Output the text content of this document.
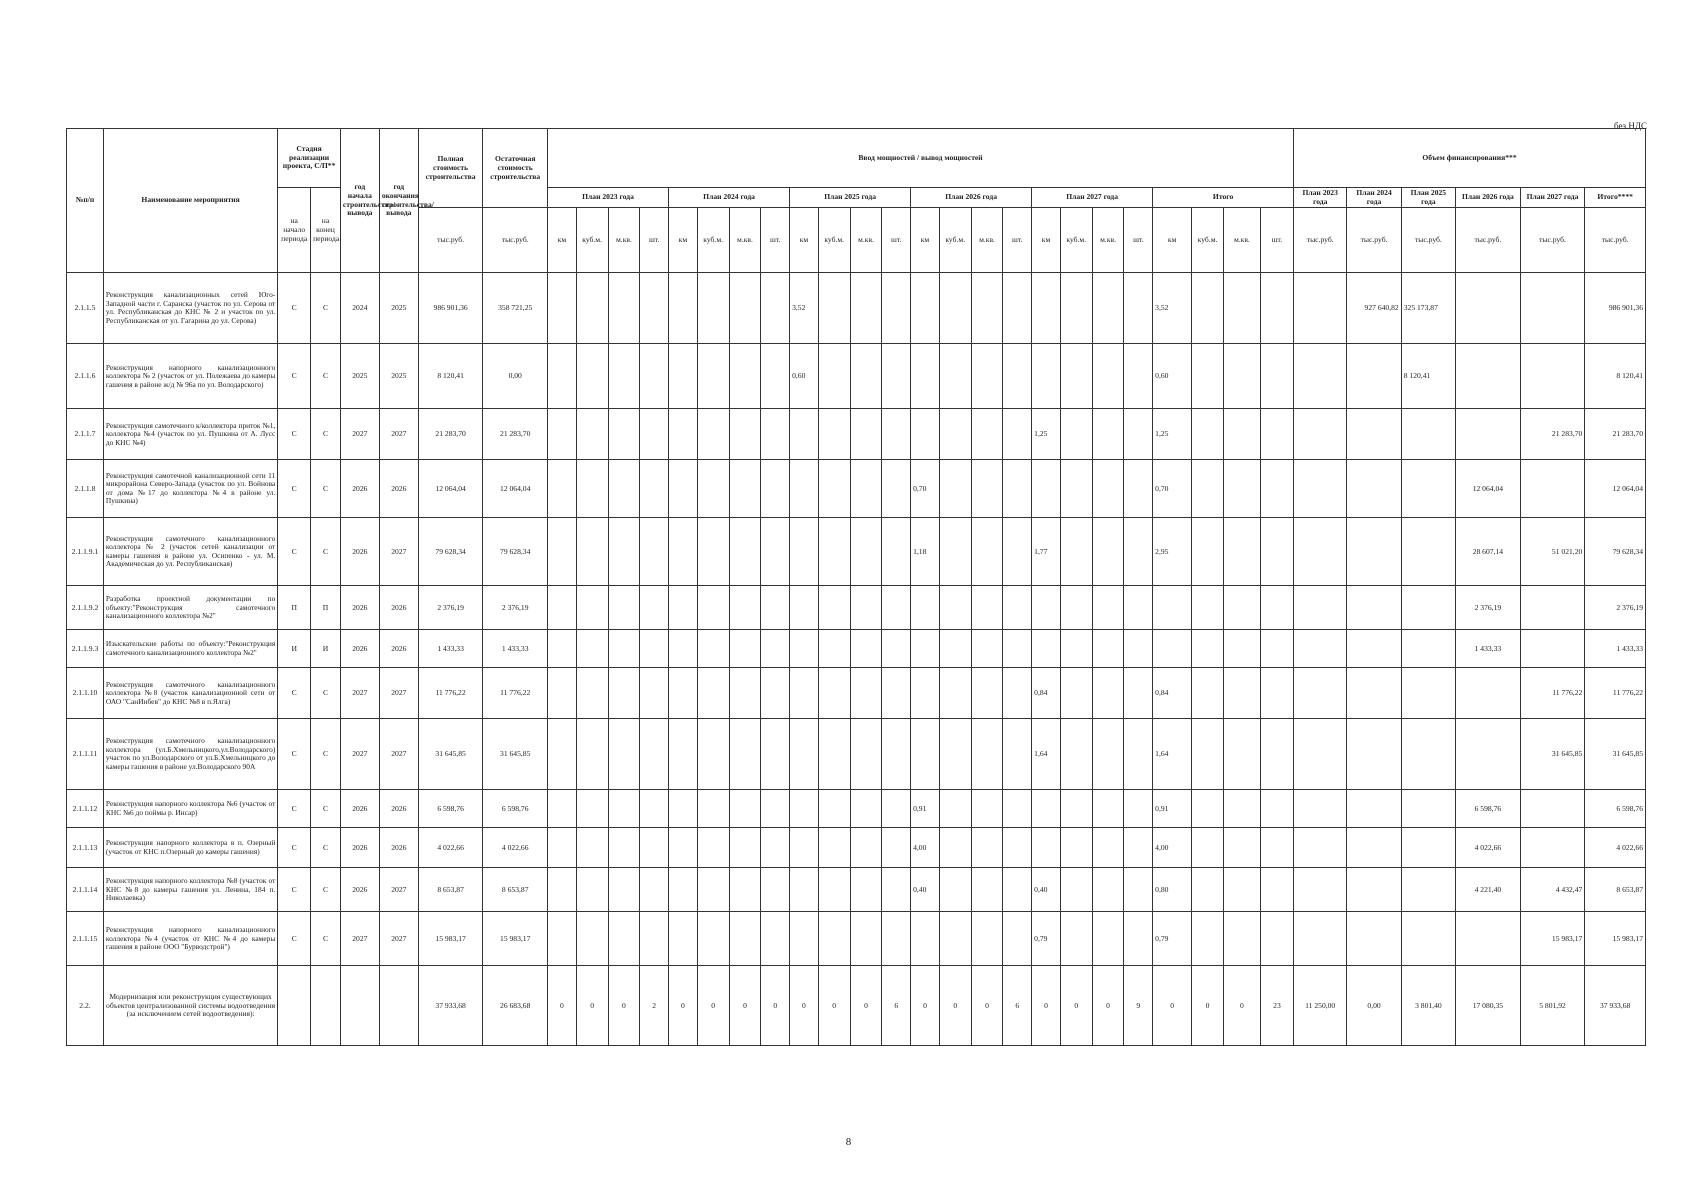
без НДС
№п/п	Наименование мероприятия	Стадия реализации проекта, С/П**		год начала строительства/ вывода	год окончания строительства/ вывода	Полная стоимость строительства	Остаточная стоимость строительства	Ввод мощностей / вывод мощностей																								Объем финансирования***					
		на начало периода	на конец периода					План 2023 года				План 2024 года				План 2025 года				План 2026 года				План 2027 года				Итого				План 2023 года	План 2024 года	План 2025 года	План 2026 года	План 2027 года	Итого****
						тыс.руб.	тыс.руб.	км	куб.м.	м.кв.	шт.	км	куб.м.	м.кв.	шт.	км	куб.м.	м.кв.	шт.	км	куб.м.	м.кв.	шт.	км	куб.м.	м.кв.	шт.	км	куб.м.	м.кв.	шт.	тыс.руб.	тыс.руб.	тыс.руб.	тыс.руб.	тыс.руб.	тыс.руб.
2.1.1.5	Реконструкция канализационных сетей Юго-Западной части г. Саранска (участок по ул. Серова от ул. Республиканская до КНС № 2 и участок по ул. Республиканская от ул. Гагарина до ул. Серова)	С	С	2024	2025	986 901,36	358 721,25									3,52												3,52					927 640,82	325 173,87			986 901,36
2.1.1.6	Реконструкция напорного канализационного коллектора № 2 (участок от ул. Полежаева до камеры гашения в районе ж/д № 96а по ул. Володарского)	С	С	2025	2025	8 120,41	0,00									0,60												0,60						8 120,41			8 120,41
2.1.1.7	Реконструкция самотечного к/коллектора приток №1, коллектора №4 (участок по ул. Пушкина от А. Лусс до КНС №4)	С	С	2027	2027	21 283,70	21 283,70																	1,25				1,25								21 283,70	21 283,70
2.1.1.8	Реконструкция самотечной канализационной сети 11 микрорайона Северо-Запада (участок по ул. Войнова от дома №17 до коллектора №4 в районе ул. Пушкина)	С	С	2026	2026	12 064,04	12 064,04													0,70								0,70							12 064,04		12 064,04
2.1.1.9.1	Реконструкция самотечного канализационного коллектора № 2 (участок сетей канализации от камеры гашения в районе ул. Осипенко - ул. М. Академическая до ул. Республиканская)	С	С	2026	2027	79 628,34	79 628,34													1,18				1,77				2,95							28 607,14	51 021,20	79 628,34
2.1.1.9.2	Разработка проектной документации по объекту:"Реконструкция самотечного канализационного коллектора №2"	П	П	2026	2026	2 376,19	2 376,19																												2 376,19		2 376,19
2.1.1.9.3	Изыскательские работы по объекту:"Реконструкция самотечного канализационного коллектора №2"	И	И	2026	2026	1 433,33	1 433,33																												1 433,33		1 433,33
2.1.1.10	Реконструкция самотечного канализационного коллектора №8 (участок канализационной сети от ОАО "СанИнбев" до КНС №8 в п.Ялга)	С	С	2027	2027	11 776,22	11 776,22																	0,84				0,84								11 776,22	11 776,22
2.1.1.11	Реконструкция самотечного канализационного коллектора (ул.Б.Хмельницкого,ул.Володарского) участок по ул.Володарского от ул.Б.Хмельницкого до камеры гашения в районе ул.Володарского 90А	С	С	2027	2027	31 645,85	31 645,85																	1,64				1,64								31 645,85	31 645,85
2.1.1.12	Реконструкция напорного коллектора №6 (участок от КНС №6 до поймы р. Инсар)	С	С	2026	2026	6 598,76	6 598,76													0,91								0,91							6 598,76		6 598,76
2.1.1.13	Реконструкция напорного коллектора в п. Озерный (участок от КНС п.Озерный до камеры гашения)	С	С	2026	2026	4 022,66	4 022,66													4,00								4,00							4 022,66		4 022,66
2.1.1.14	Реконструкция напорного коллектора №8 (участок от КНС №8 до камеры гашения ул. Ленина, 184 п. Николаевка)	С	С	2026	2027	8 653,87	8 653,87													0,40				0,40				0,80							4 221,40	4 432,47	8 653,87
2.1.1.15	Реконструкция напорного канализационного коллектора №4 (участок от КНС №4 до камеры гашения в районе ООО "Бурводстрой")	С	С	2027	2027	15 983,17	15 983,17																	0,79				0,79								15 983,17	15 983,17
2.2.	Модернизация или реконструкция существующих объектов централизованной системы водоотведения (за исключением сетей водоотведения):					37 933,68	26 683,68	0	0	0	2	0	0	0	0	0	0	0	6	0	0	0	6	0	0	0	9	0	0	0	23	11 250,00	0,00	3 801,40	17 080,35	5 801,92	37 933,68
8
